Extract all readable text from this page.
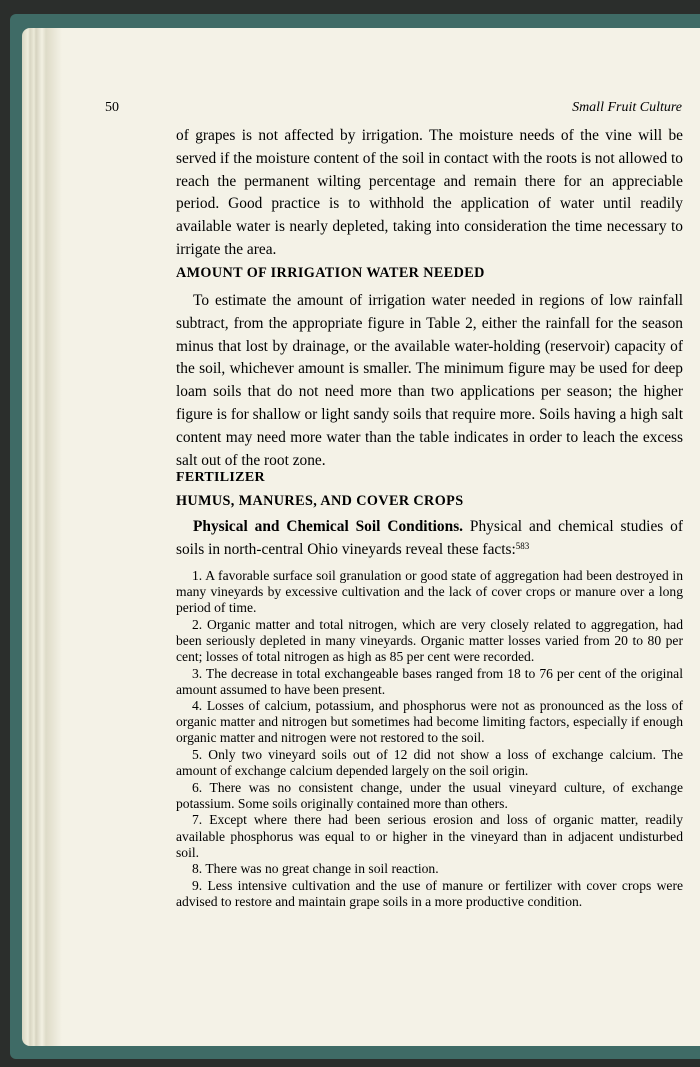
50	Small Fruit Culture

of grapes is not affected by irrigation. The moisture needs of the vine will be served if the moisture content of the soil in contact with the roots is not allowed to reach the permanent wilting percentage and remain there for an appreciable period. Good practice is to withhold the application of water until readily available water is nearly depleted, taking into consideration the time necessary to irrigate the area.

AMOUNT OF IRRIGATION WATER NEEDED

To estimate the amount of irrigation water needed in regions of low rainfall subtract, from the appropriate figure in Table 2, either the rainfall for the season minus that lost by drainage, or the available water-holding (reservoir) capacity of the soil, whichever amount is smaller. The minimum figure may be used for deep loam soils that do not need more than two applications per season; the higher figure is for shallow or light sandy soils that require more. Soils having a high salt content may need more water than the table indicates in order to leach the excess salt out of the root zone.

FERTILIZER
HUMUS, MANURES, AND COVER CROPS

Physical and Chemical Soil Conditions. Physical and chemical studies of soils in north-central Ohio vineyards reveal these facts:$^{583}$

1. A favorable surface soil granulation or good state of aggregation had been destroyed in many vineyards by excessive cultivation and the lack of cover crops or manure over a long period of time.
2. Organic matter and total nitrogen, which are very closely related to aggregation, had been seriously depleted in many vineyards. Organic matter losses varied from 20 to 80 per cent; losses of total nitrogen as high as 85 per cent were recorded.
3. The decrease in total exchangeable bases ranged from 18 to 76 per cent of the original amount assumed to have been present.
4. Losses of calcium, potassium, and phosphorus were not as pronounced as the loss of organic matter and nitrogen but sometimes had become limiting factors, especially if enough organic matter and nitrogen were not restored to the soil.
5. Only two vineyard soils out of 12 did not show a loss of exchange calcium. The amount of exchange calcium depended largely on the soil origin.
6. There was no consistent change, under the usual vineyard culture, of exchange potassium. Some soils originally contained more than others.
7. Except where there had been serious erosion and loss of organic matter, readily available phosphorus was equal to or higher in the vineyard than in adjacent undisturbed soil.
8. There was no great change in soil reaction.
9. Less intensive cultivation and the use of manure or fertilizer with cover crops were advised to restore and maintain grape soils in a more productive condition.
